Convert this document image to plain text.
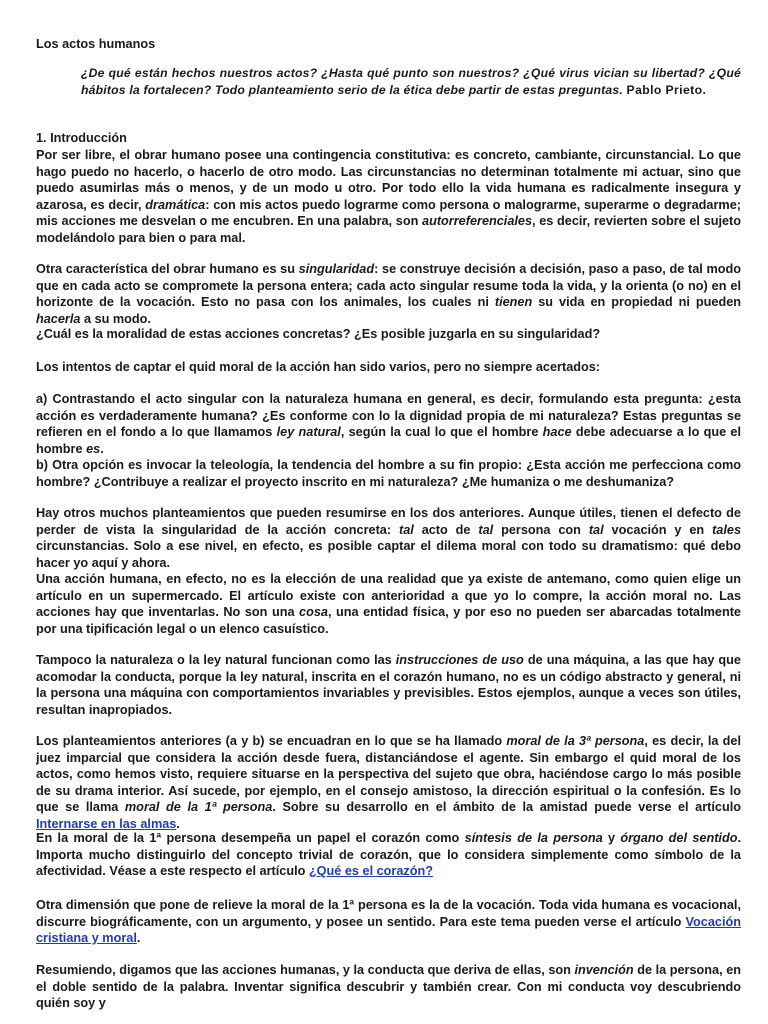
Los actos humanos

¿De qué están hechos nuestros actos? ¿Hasta qué punto son nuestros? ¿Qué virus vician su libertad? ¿Qué hábitos la fortalecen? Todo planteamiento serio de la ética debe partir de estas preguntas. Pablo Prieto.

1. Introducción

Por ser libre, el obrar humano posee una contingencia constitutiva: es concreto, cambiante, circunstancial. Lo que hago puedo no hacerlo, o hacerlo de otro modo. Las circunstancias no determinan totalmente mi actuar, sino que puedo asumirlas más o menos, y de un modo u otro. Por todo ello la vida humana es radicalmente insegura y azarosa, es decir, dramática: con mis actos puedo lograrme como persona o malograrme, superarme o degradarme; mis acciones me desvelan o me encubren. En una palabra, son autorreferenciales, es decir, revierten sobre el sujeto modelándolo para bien o para mal.

Otra característica del obrar humano es su singularidad: se construye decisión a decisión, paso a paso, de tal modo que en cada acto se compromete la persona entera; cada acto singular resume toda la vida, y la orienta (o no) en el horizonte de la vocación. Esto no pasa con los animales, los cuales ni tienen su vida en propiedad ni pueden hacerla a su modo.

¿Cuál es la moralidad de estas acciones concretas? ¿Es posible juzgarla en su singularidad?

Los intentos de captar el quid moral de la acción han sido varios, pero no siempre acertados:

a) Contrastando el acto singular con la naturaleza humana en general, es decir, formulando esta pregunta: ¿esta acción es verdaderamente humana? ¿Es conforme con lo la dignidad propia de mi naturaleza? Estas preguntas se refieren en el fondo a lo que llamamos ley natural, según la cual lo que el hombre hace debe adecuarse a lo que el hombre es.

b) Otra opción es invocar la teleología, la tendencia del hombre a su fin propio: ¿Esta acción me perfecciona como hombre? ¿Contribuye a realizar el proyecto inscrito en mi naturaleza? ¿Me humaniza o me deshumaniza?

Hay otros muchos planteamientos que pueden resumirse en los dos anteriores. Aunque útiles, tienen el defecto de perder de vista la singularidad de la acción concreta: tal acto de tal persona con tal vocación y en tales circunstancias. Solo a ese nivel, en efecto, es posible captar el dilema moral con todo su dramatismo: qué debo hacer yo aquí y ahora.

Una acción humana, en efecto, no es la elección de una realidad que ya existe de antemano, como quien elige un artículo en un supermercado. El artículo existe con anterioridad a que yo lo compre, la acción moral no. Las acciones hay que inventarlas. No son una cosa, una entidad física, y por eso no pueden ser abarcadas totalmente por una tipificación legal o un elenco casuístico.

Tampoco la naturaleza o la ley natural funcionan como las instrucciones de uso de una máquina, a las que hay que acomodar la conducta, porque la ley natural, inscrita en el corazón humano, no es un código abstracto y general, ni la persona una máquina con comportamientos invariables y previsibles. Estos ejemplos, aunque a veces son útiles, resultan inapropiados.

Los planteamientos anteriores (a y b) se encuadran en lo que se ha llamado moral de la 3ª persona, es decir, la del juez imparcial que considera la acción desde fuera, distanciándose el agente. Sin embargo el quid moral de los actos, como hemos visto, requiere situarse en la perspectiva del sujeto que obra, haciéndose cargo lo más posible de su drama interior. Así sucede, por ejemplo, en el consejo amistoso, la dirección espiritual o la confesión. Es lo que se llama moral de la 1ª persona. Sobre su desarrollo en el ámbito de la amistad puede verse el artículo Internarse en las almas.

En la moral de la 1ª persona desempeña un papel el corazón como síntesis de la persona y órgano del sentido. Importa mucho distinguirlo del concepto trivial de corazón, que lo considera simplemente como símbolo de la afectividad. Véase a este respecto el artículo ¿Qué es el corazón?

Otra dimensión que pone de relieve la moral de la 1ª persona es la de la vocación. Toda vida humana es vocacional, discurre biográficamente, con un argumento, y posee un sentido. Para este tema pueden verse el artículo Vocación cristiana y moral.

Resumiendo, digamos que las acciones humanas, y la conducta que deriva de ellas, son invención de la persona, en el doble sentido de la palabra. Inventar significa descubrir y también crear. Con mi conducta voy descubriendo quién soy y
